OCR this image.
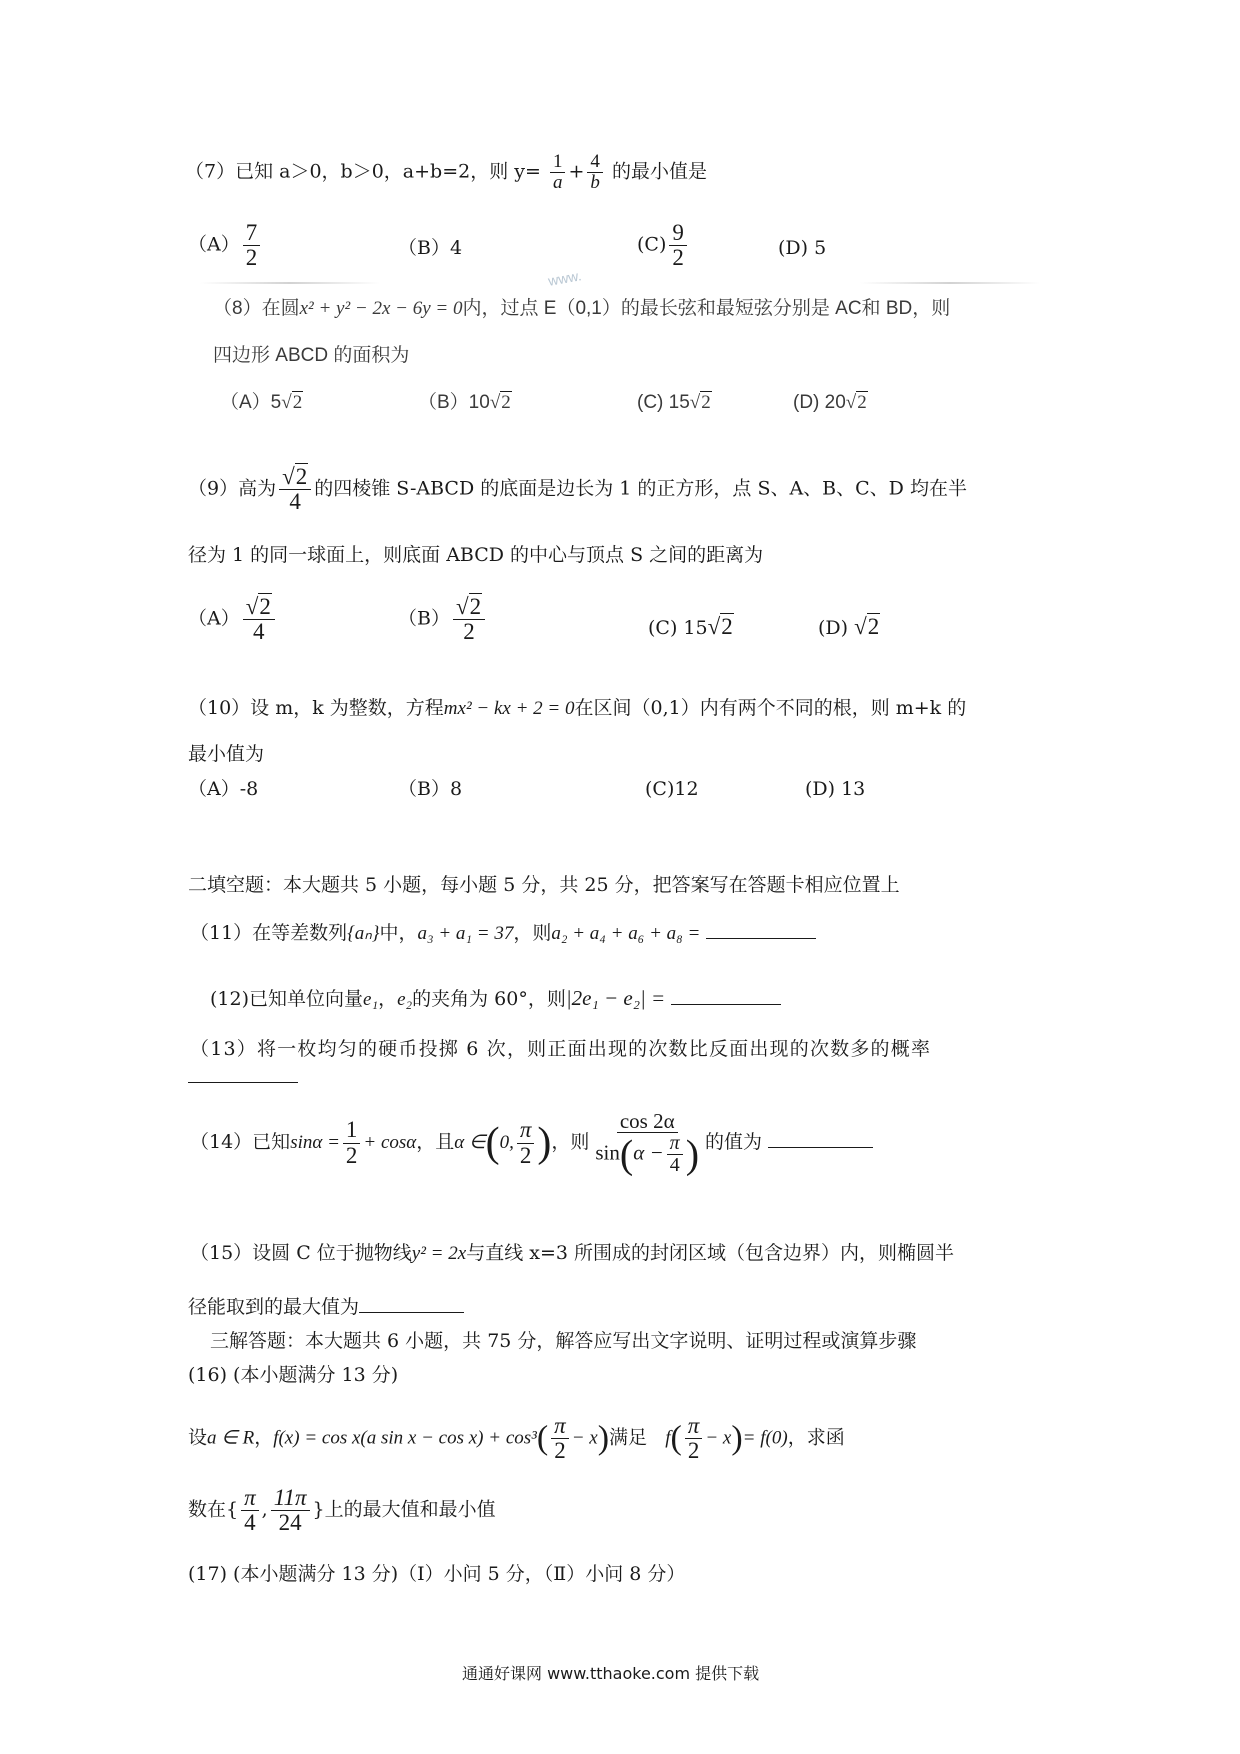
（7）已知 a＞0，b＞0，a+b=2，则 $y= \frac{1}{a} + \frac{4}{b}$ 的最小值是
$(A) \frac{7}{2}$	（B）4	$(C) \frac{9}{2}$	(D) 5
www.
（8）在圆x² + y² − 2x − 6y = 0内，过点 E（0,1）的最长弦和最短弦分别是 AC和 BD，则
四边形 ABCD 的面积为
（A）5√2	（B）10√2	(C) 15√2	(D) 20√2
（9）高为 $\frac{√2}{4}$ 的四棱锥 S-ABCD 的底面是边长为 1 的正方形，点 S、A、B、C、D 均在半
径为 1 的同一球面上，则底面 ABCD 的中心与顶点 S 之间的距离为
$(A) \frac{√2}{4}$	$(B) \frac{√2}{2}$	(C) 15√2	(D) √2
（10）设 m，k 为整数，方程mx² − kx + 2 = 0在区间（0,1）内有两个不同的根，则 m+k 的
最小值为
（A）-8	（B）8	(C)12	(D) 13
二填空题：本大题共 5 小题，每小题 5 分，共 25 分，把答案写在答题卡相应位置上
（11）在等差数列{aₙ}中，a₃ + a₁ = 37，则a₂ + a₄ + a₆ + a₈ =
(12)已知单位向量e₁，e₂的夹角为 60°，则|2e₁ − e₂| =
（13）将一枚均匀的硬币投掷 6 次，则正面出现的次数比反面出现的次数多的概率
（14）已知$\sin\alpha = \frac{1}{2} + \cos\alpha$，且α ∈(0, $\frac{\pi}{2}$ )，则 $\frac{\cos 2\alpha}{\sin(\alpha - \frac{\pi}{4} )}$ 的值为
（15）设圆 C 位于抛物线y² = 2x与直线 x=3 所围成的封闭区域（包含边界）内，则椭圆半
径能取到的最大值为
三解答题：本大题共 6 小题，共 75 分，解答应写出文字说明、证明过程或演算步骤
(16) (本小题满分 13 分)
设a ∈ R，f(x) = cos x(a $\sin x - \cos x) + \cos^3( \frac{\pi}{2} - x)$满足 $f( \frac{\pi}{2} - x)= f(0)$，求函
数在{ $\frac{\pi}{4}$ , $\frac{11\pi}{24}$ }上的最大值和最小值
(17) (本小题满分 13 分)（Ⅰ）小问 5 分，（Ⅱ）小问 8 分）
通通好课网 www.tthaoke.com 提供下载
